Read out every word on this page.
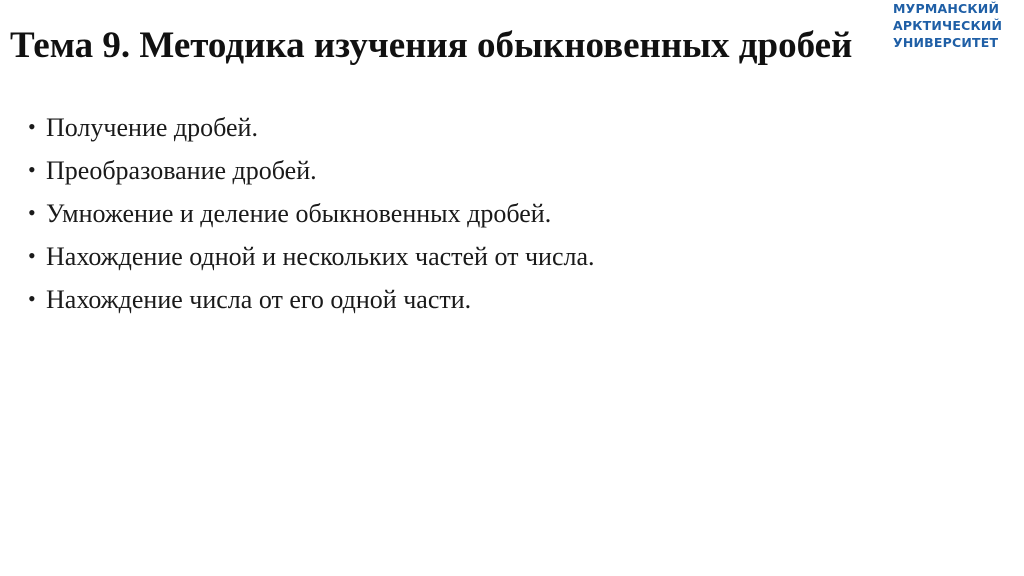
Тема 9. Методика изучения обыкновенных дробей
МУРМАНСКИЙ
АРКТИЧЕСКИЙ
УНИВЕРСИТЕТ
• Получение дробей.
• Преобразование дробей.
• Умножение и деление обыкновенных дробей.
• Нахождение одной и нескольких частей от числа.
• Нахождение числа от его одной части.
